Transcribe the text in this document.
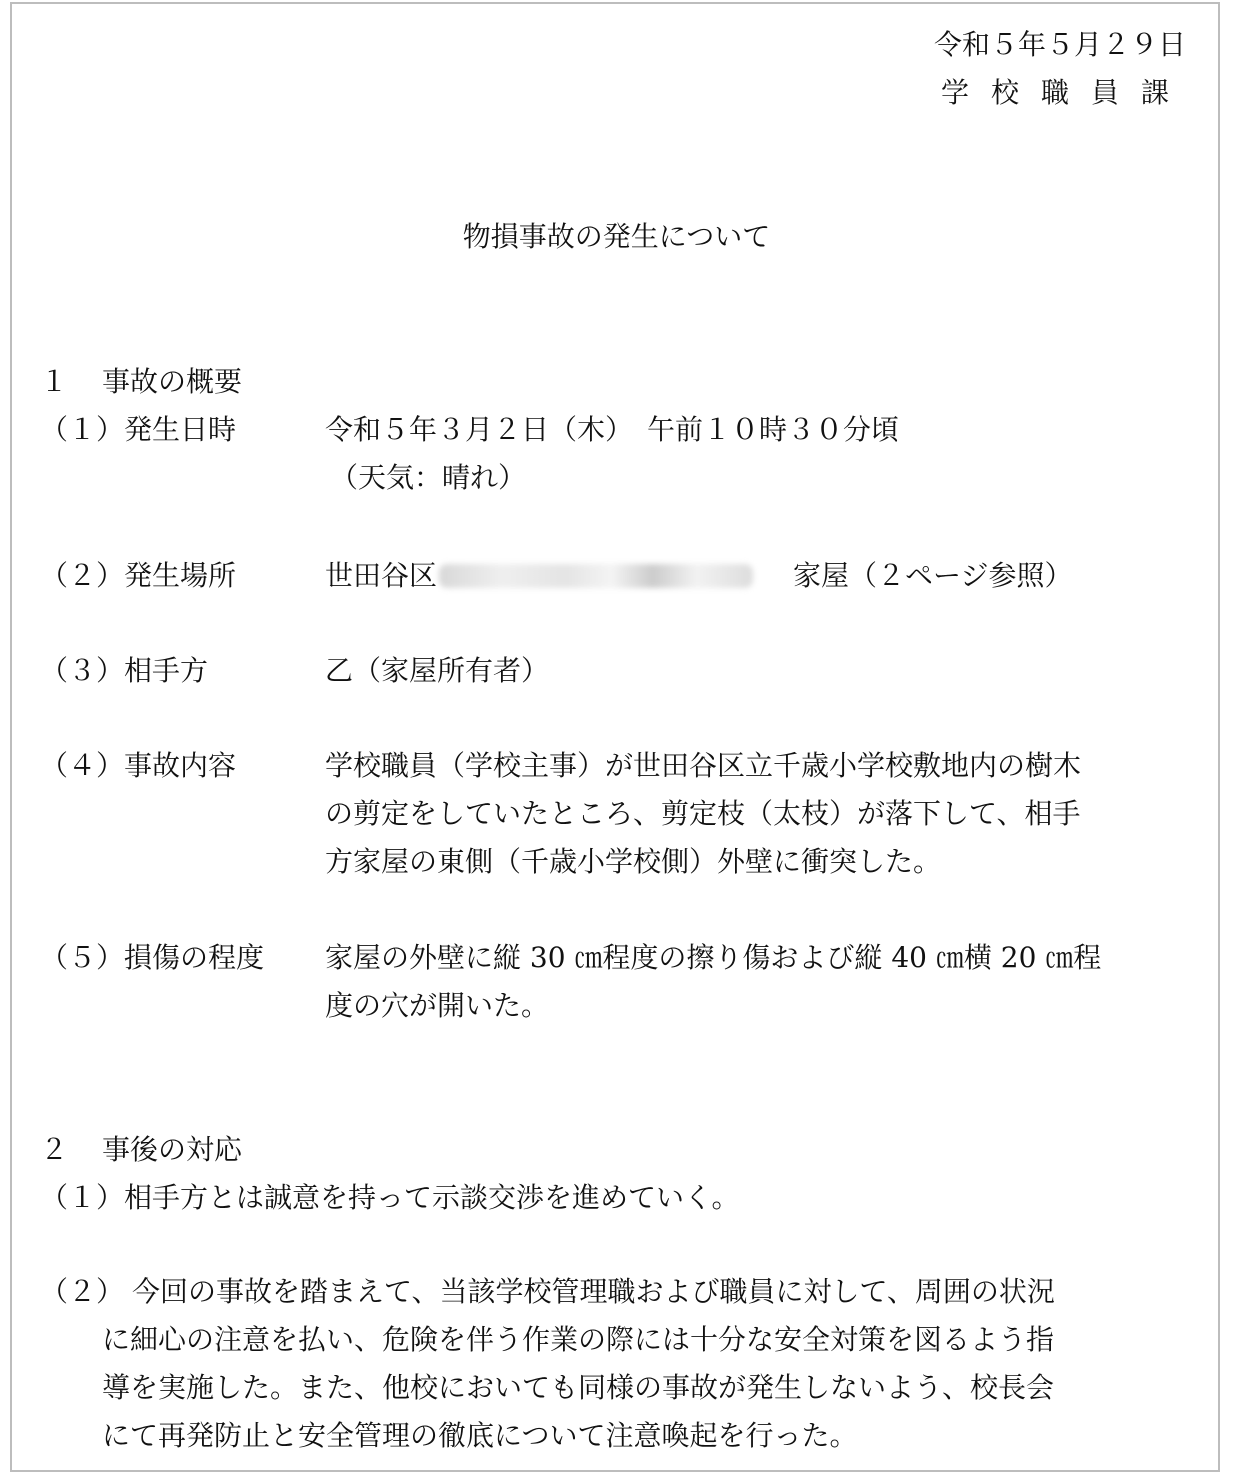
令和５年５月２９日
学校職員課
物損事故の発生について
１ 事故の概要
（１）発生日時	令和５年３月２日（木）　午前１０時３０分頃
（天気：晴れ）
（２）発生場所	世田谷区	家屋（２ページ参照）
（３）相手方	乙（家屋所有者）
（４）事故内容	学校職員（学校主事）が世田谷区立千歳小学校敷地内の樹木
の剪定をしていたところ、剪定枝（太枝）が落下して、相手
方家屋の東側（千歳小学校側）外壁に衝突した。
（５）損傷の程度 家屋の外壁に縦 30 ㎝程度の擦り傷および縦 40 ㎝横 20 ㎝程
度の穴が開いた。
２ 事後の対応
（１）相手方とは誠意を持って示談交渉を進めていく。
（２） 今回の事故を踏まえて、当該学校管理職および職員に対して、周囲の状況
に細心の注意を払い、危険を伴う作業の際には十分な安全対策を図るよう指
導を実施した。また、他校においても同様の事故が発生しないよう、校長会
にて再発防止と安全管理の徹底について注意喚起を行った。
